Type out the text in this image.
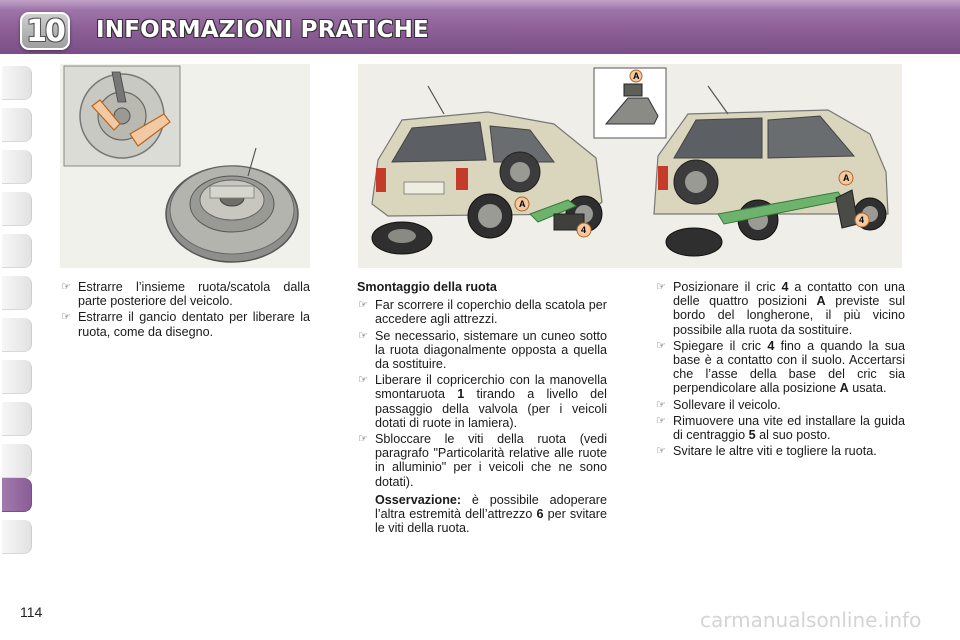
10 INFORMAZIONI PRATICHE
A
A
4
A
4
☞ Estrarre l’insieme ruota/scatola dalla parte posteriore del veicolo.
☞ Estrarre il gancio dentato per liberare la ruota, come da disegno.
Smontaggio della ruota
☞ Far scorrere il coperchio della scatola per accedere agli attrezzi.
☞ Se necessario, sistemare un cuneo sotto la ruota diagonalmente opposta a quella da sostituire.
☞ Liberare il copricerchio con la manovella smontaruota 1 tirando a livello del passaggio della valvola (per i veicoli dotati di ruote in lamiera).
☞ Sbloccare le viti della ruota (vedi paragrafo "Particolarità relative alle ruote in alluminio" per i veicoli che ne sono dotati).
Osservazione: è possibile adoperare l’altra estremità dell’attrezzo 6 per svitare le viti della ruota.
☞ Posizionare il cric 4 a contatto con una delle quattro posizioni A previste sul bordo del longherone, il più vicino possibile alla ruota da sostituire.
☞ Spiegare il cric 4 fino a quando la sua base è a contatto con il suolo. Accertarsi che l’asse della base del cric sia perpendicolare alla posizione A usata.
☞ Sollevare il veicolo.
☞ Rimuovere una vite ed installare la guida di centraggio 5 al suo posto.
☞ Svitare le altre viti e togliere la ruota.
114	carmanualsonline.info
